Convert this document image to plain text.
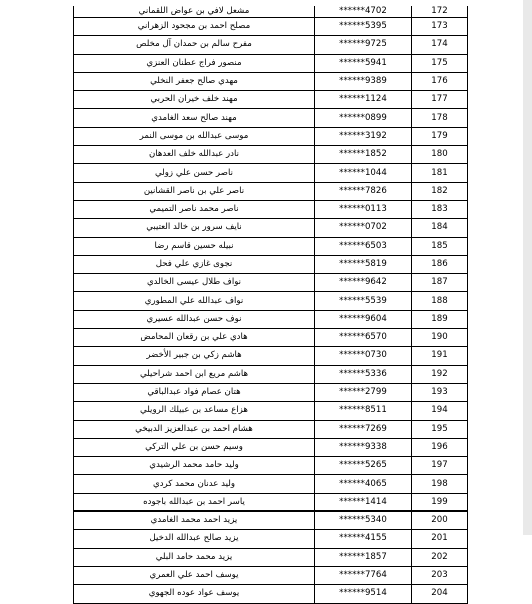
مشعل لافي بن عواض اللقماني	******4702	172
مصلح احمد بن مجحود الزهراني	******5395	173
مفرح سالم بن حمدان آل مخلص	******9725	174
منصور فراج عطنان العنزي	******5941	175
مهدي صالح جعفر النخلي	******9389	176
مهند خلف خيران الحربي	******1124	177
مهند صالح سعد الغامدي	******0899	178
موسى عبدالله بن موسى النمر	******3192	179
نادر عبدالله خلف العدهان	******1852	180
ناصر حسن علي زولي	******1044	181
ناصر علي بن ناصر القشانين	******7826	182
ناصر محمد ناصر التميمي	******0113	183
نايف سرور بن خالد العتيبي	******0702	184
نبيله حسين قاسم رضا	******6503	185
نجوى غازي علي فحل	******5819	186
نواف طلال عيسى الخالدي	******9642	187
نواف عبدالله علي المطوري	******5539	188
نوف حسن عبدالله عسيري	******9604	189
هادي علي بن رقعان المحامض	******6570	190
هاشم زكي بن جبير الأخضر	******0730	191
هاشم مريع ابن احمد شراحيلي	******5336	192
هتان عصام فواد عبدالباقي	******2799	193
هزاع مساعد بن عبيلك الرويلي	******8511	194
هشام احمد بن عبدالعزيز الدبيخي	******7269	195
وسيم حسن بن علي التركي	******9338	196
وليد حامد محمد الرشيدي	******5265	197
وليد عدنان محمد كردي	******4065	198
ياسر احمد بن عبدالله باجوده	******1414	199
يزيد احمد محمد الغامدي	******5340	200
يزيد صالح عبدالله الدخيل	******4155	201
يزيد محمد حامد البلي	******1857	202
يوسف احمد علي العمري	******7764	203
يوسف عواد عوده الجهوي	******9514	204
